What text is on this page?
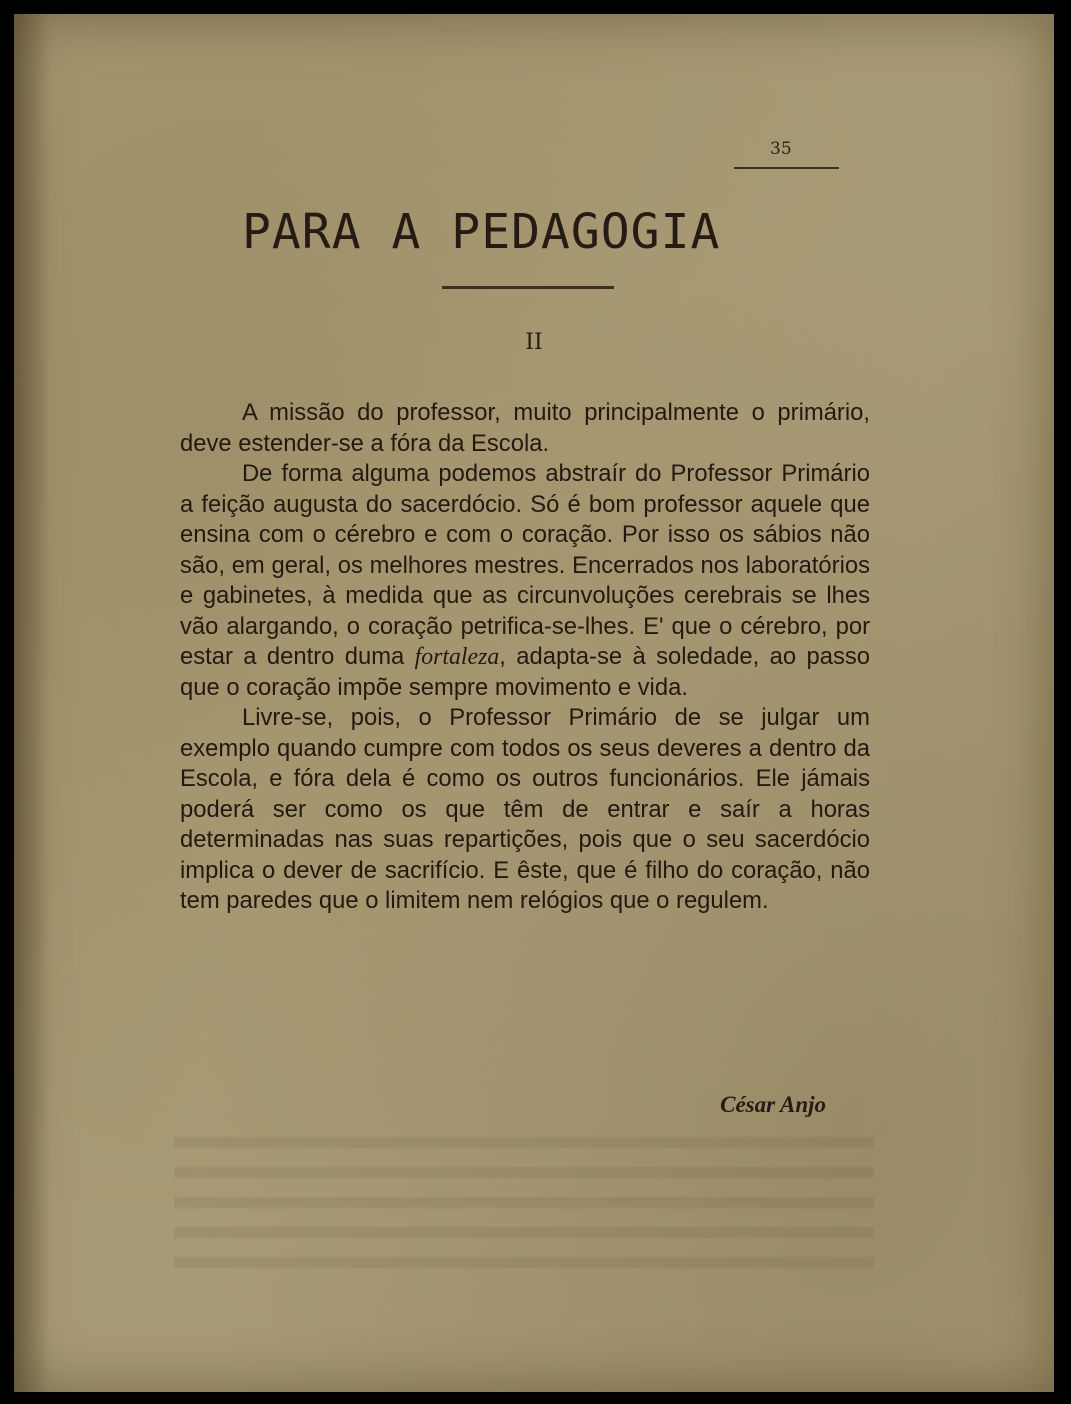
35

PARA A PEDAGOGIA

II

A missão do professor, muito principalmente o primário, deve estender-se a fóra da Escola.

De forma alguma podemos abstraír do Professor Primário a feição augusta do sacerdócio. Só é bom professor aquele que ensina com o cérebro e com o coração. Por isso os sábios não são, em geral, os melhores mestres. Encerrados nos laboratórios e gabinetes, à medida que as circunvoluções cerebrais se lhes vão alargando, o coração petrifica-se-lhes. E' que o cérebro, por estar a dentro duma fortaleza, adapta-se à soledade, ao passo que o coração impõe sempre movimento e vida.

Livre-se, pois, o Professor Primário de se julgar um exemplo quando cumpre com todos os seus deveres a dentro da Escola, e fóra dela é como os outros funcionários. Ele jámais poderá ser como os que têm de entrar e saír a horas determinadas nas suas repartições, pois que o seu sacerdócio implica o dever de sacrifício. E êste, que é filho do coração, não tem paredes que o limitem nem relógios que o regulem.

César Anjo
